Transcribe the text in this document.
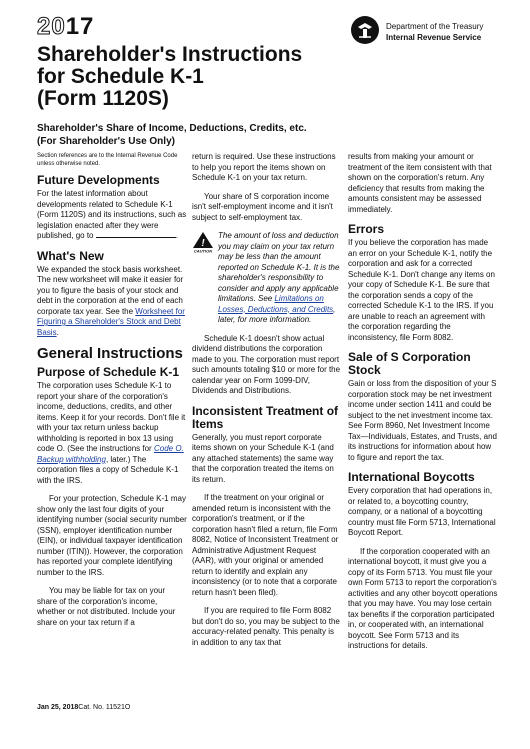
2017
Shareholder's Instructions
for Schedule K-1
(Form 1120S)
Shareholder's Share of Income, Deductions, Credits, etc.
(For Shareholder's Use Only)
Department of the Treasury
Internal Revenue Service

Section references are to the Internal Revenue Code unless otherwise noted.

Future Developments

For the latest information about developments related to Schedule K-1 (Form 1120S) and its instructions, such as legislation enacted after they were published, go to	.

What's New

We expanded the stock basis worksheet. The new worksheet will make it easier for you to figure the basis of your stock and debt in the corporation at the end of each corporate tax year. See the Worksheet for Figuring a Shareholder's Stock and Debt Basis.

General Instructions
Purpose of Schedule K-1

The corporation uses Schedule K-1 to report your share of the corporation's income, deductions, credits, and other items. Keep it for your records. Don't file it with your tax return unless backup withholding is reported in box 13 using code O. (See the instructions for Code O. Backup withholding, later.) The corporation files a copy of Schedule K-1 with the IRS.

For your protection, Schedule K-1 may show only the last four digits of your identifying number (social security number (SSN), employer identification number (EIN), or individual taxpayer identification number (ITIN)). However, the corporation has reported your complete identifying number to the IRS.

You may be liable for tax on your share of the corporation's income, whether or not distributed. Include your share on your tax return if a

return is required. Use these instructions to help you report the items shown on Schedule K-1 on your tax return.

Your share of S corporation income isn't self-employment income and it isn't subject to self-employment tax.

!
CAUTION
The amount of loss and deduction you may claim on your tax return may be less than the amount reported on Schedule K-1. It is the shareholder's responsibility to consider and apply any applicable limitations. See Limitations on Losses, Deductions, and Credits, later, for more information.

Schedule K-1 doesn't show actual dividend distributions the corporation made to you. The corporation must report such amounts totaling $10 or more for the calendar year on Form 1099-DIV, Dividends and Distributions.

Inconsistent Treatment of Items

Generally, you must report corporate items shown on your Schedule K-1 (and any attached statements) the same way that the corporation treated the items on its return.

If the treatment on your original or amended return is inconsistent with the corporation's treatment, or if the corporation hasn't filed a return, file Form 8082, Notice of Inconsistent Treatment or Administrative Adjustment Request (AAR), with your original or amended return to identify and explain any inconsistency (or to note that a corporate return hasn't been filed).

If you are required to file Form 8082 but don't do so, you may be subject to the accuracy-related penalty. This penalty is in addition to any tax that

results from making your amount or treatment of the item consistent with that shown on the corporation's return. Any deficiency that results from making the amounts consistent may be assessed immediately.

Errors

If you believe the corporation has made an error on your Schedule K-1, notify the corporation and ask for a corrected Schedule K-1. Don't change any items on your copy of Schedule K-1. Be sure that the corporation sends a copy of the corrected Schedule K-1 to the IRS. If you are unable to reach an agreement with the corporation regarding the inconsistency, file Form 8082.

Sale of S Corporation Stock

Gain or loss from the disposition of your S corporation stock may be net investment income under section 1411 and could be subject to the net investment income tax. See Form 8960, Net Investment Income Tax—Individuals, Estates, and Trusts, and its instructions for information about how to figure and report the tax.

International Boycotts

Every corporation that had operations in, or related to, a boycotting country, company, or a national of a boycotting country must file Form 5713, International Boycott Report.

If the corporation cooperated with an international boycott, it must give you a copy of its Form 5713. You must file your own Form 5713 to report the corporation's activities and any other boycott operations that you may have. You may lose certain tax benefits if the corporation participated in, or cooperated with, an international boycott. See Form 5713 and its instructions for details.

Jan 25, 2018Cat. No. 11521O
